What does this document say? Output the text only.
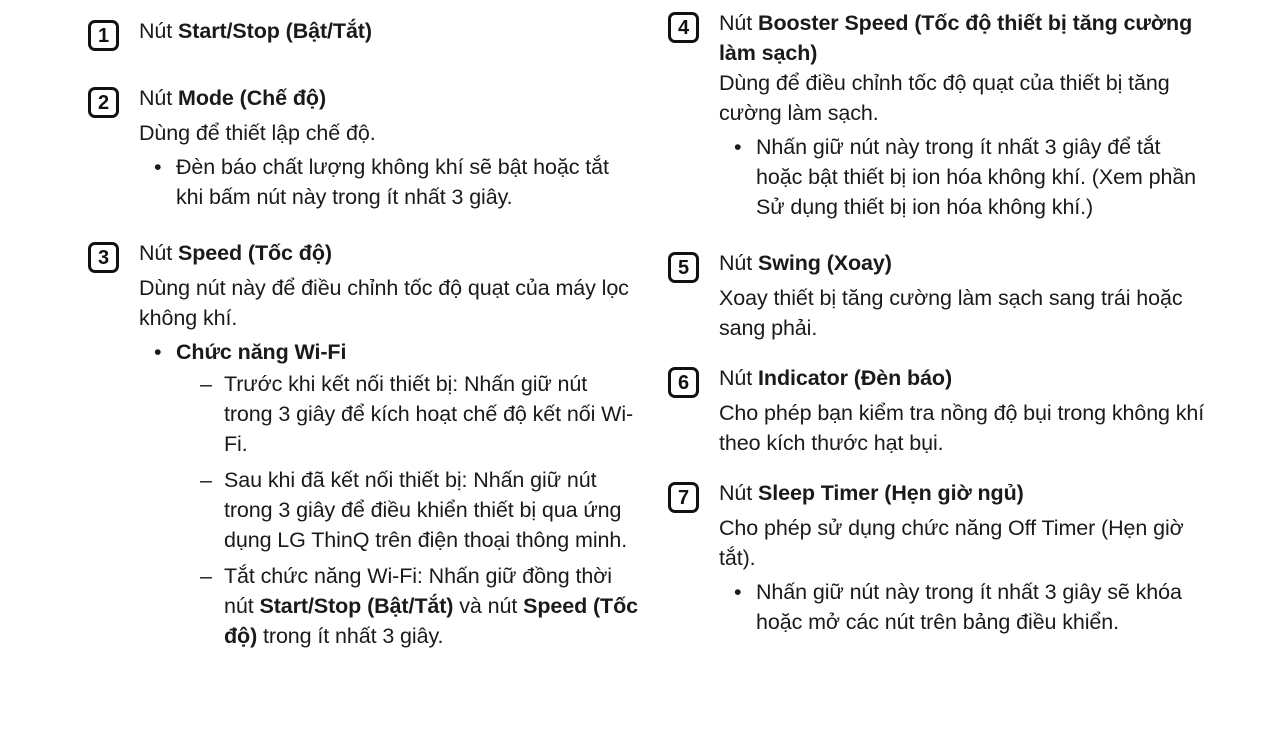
1	Nút Start/Stop (Bật/Tắt)
2	Nút Mode (Chế độ)

Dùng để thiết lập chế độ.

• Đèn báo chất lượng không khí sẽ bật hoặc tắt khi bấm nút này trong ít nhất 3 giây.
3	Nút Speed (Tốc độ)

Dùng nút này để điều chỉnh tốc độ quạt của máy lọc không khí.

• Chức năng Wi-Fi
– Trước khi kết nối thiết bị: Nhấn giữ nút trong 3 giây để kích hoạt chế độ kết nối Wi-Fi.
– Sau khi đã kết nối thiết bị: Nhấn giữ nút trong 3 giây để điều khiển thiết bị qua ứng dụng LG ThinQ trên điện thoại thông minh.
– Tắt chức năng Wi-Fi: Nhấn giữ đồng thời nút Start/Stop (Bật/Tắt) và nút Speed (Tốc độ) trong ít nhất 3 giây.
4	Nút Booster Speed (Tốc độ thiết bị tăng cường làm sạch)

Dùng để điều chỉnh tốc độ quạt của thiết bị tăng cường làm sạch.

• Nhấn giữ nút này trong ít nhất 3 giây để tắt hoặc bật thiết bị ion hóa không khí. (Xem phần Sử dụng thiết bị ion hóa không khí.)
5	Nút Swing (Xoay)

Xoay thiết bị tăng cường làm sạch sang trái hoặc sang phải.

6	Nút Indicator (Đèn báo)

Cho phép bạn kiểm tra nồng độ bụi trong không khí theo kích thước hạt bụi.

7	Nút Sleep Timer (Hẹn giờ ngủ)

Cho phép sử dụng chức năng Off Timer (Hẹn giờ tắt).

• Nhấn giữ nút này trong ít nhất 3 giây sẽ khóa hoặc mở các nút trên bảng điều khiển.
